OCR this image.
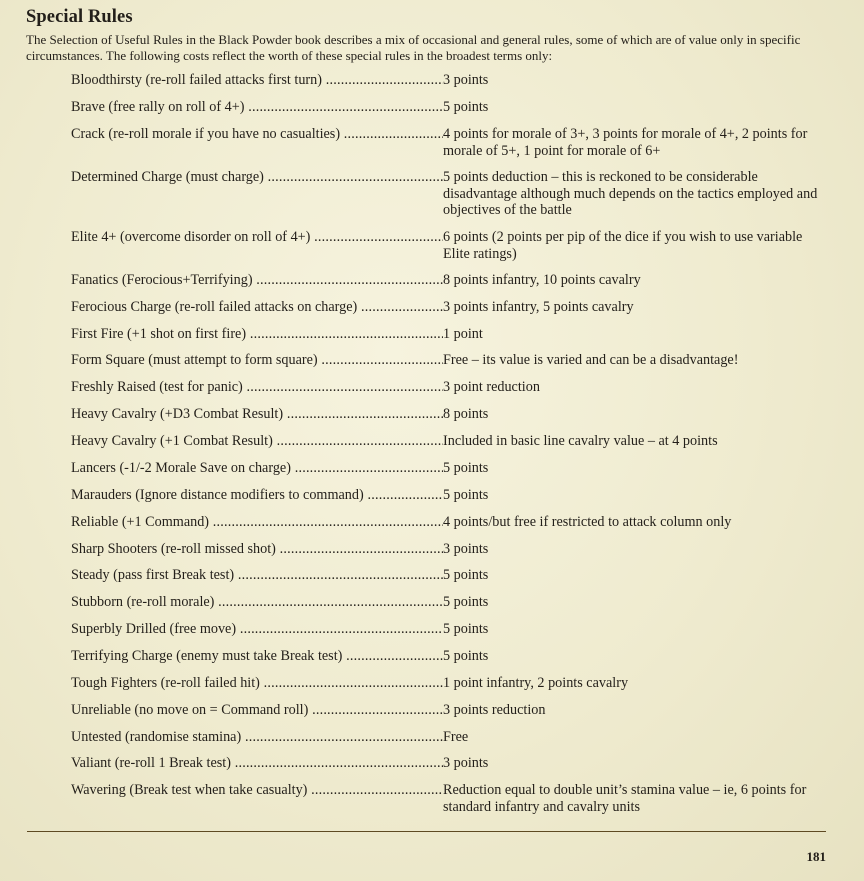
Special Rules

The Selection of Useful Rules in the Black Powder book describes a mix of occasional and general rules, some of which are of value only in specific circumstances. The following costs reflect the worth of these special rules in the broadest terms only:

Bloodthirsty (re-roll failed attacks first turn) .....	3 points
Brave (free rally on roll of 4+) .....	5 points
Crack (re-roll morale if you have no casualties) .....	4 points for morale of 3+, 3 points for morale of 4+, 2 points for morale of 5+, 1 point for morale of 6+
Determined Charge (must charge) .....	5 points deduction – this is reckoned to be considerable disadvantage although much depends on the tactics employed and objectives of the battle
Elite 4+ (overcome disorder on roll of 4+) .....	6 points (2 points per pip of the dice if you wish to use variable Elite ratings)
Fanatics (Ferocious+Terrifying) .....	8 points infantry, 10 points cavalry
Ferocious Charge (re-roll failed attacks on charge) .....	3 points infantry, 5 points cavalry
First Fire (+1 shot on first fire) .....	1 point
Form Square (must attempt to form square) .....	Free – its value is varied and can be a disadvantage!
Freshly Raised (test for panic) .....	3 point reduction
Heavy Cavalry (+D3 Combat Result) .....	8 points
Heavy Cavalry (+1 Combat Result) .....	Included in basic line cavalry value – at 4 points
Lancers (-1/-2 Morale Save on charge) .....	5 points
Marauders (Ignore distance modifiers to command) .....	5 points
Reliable (+1 Command) .....	4 points/but free if restricted to attack column only
Sharp Shooters (re-roll missed shot) .....	3 points
Steady (pass first Break test) .....	5 points
Stubborn (re-roll morale) .....	5 points
Superbly Drilled (free move) .....	5 points
Terrifying Charge (enemy must take Break test) .....	5 points
Tough Fighters (re-roll failed hit) .....	1 point infantry, 2 points cavalry
Unreliable (no move on = Command roll) .....	3 points reduction
Untested (randomise stamina) .....	Free
Valiant (re-roll 1 Break test) .....	3 points
Wavering (Break test when take casualty) .....	Reduction equal to double unit’s stamina value – ie, 6 points for standard infantry and cavalry units
181
